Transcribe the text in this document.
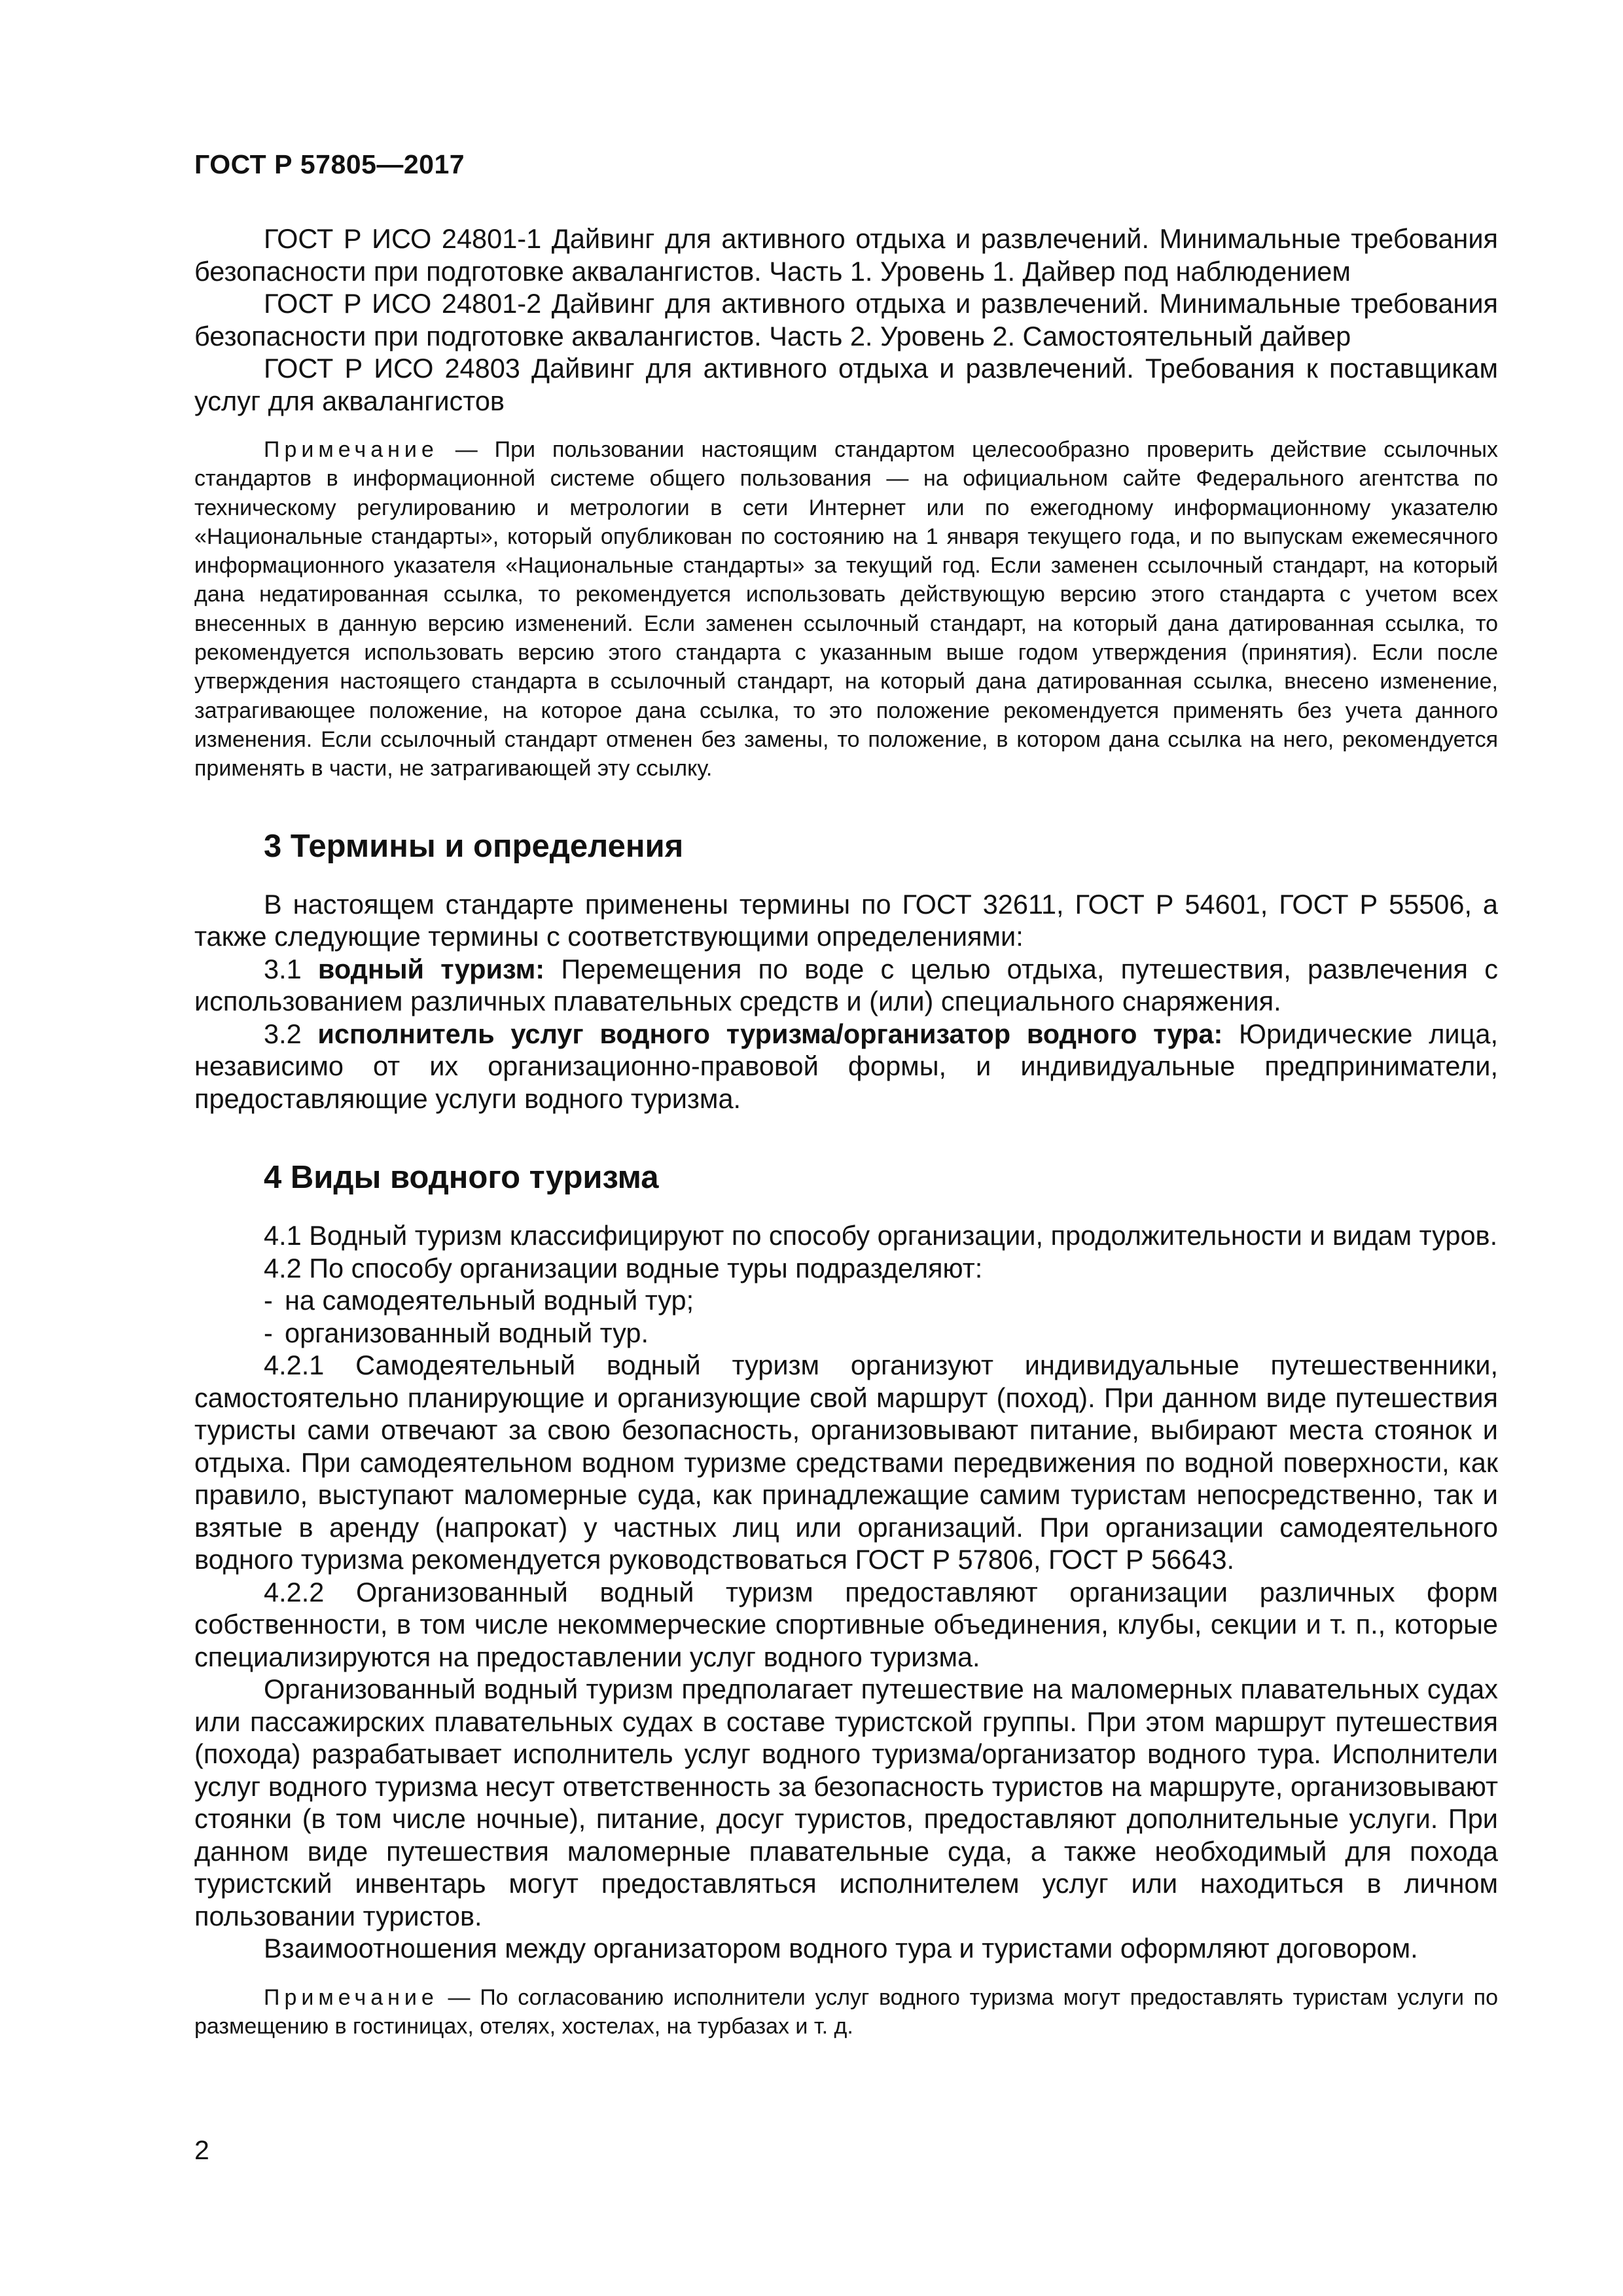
ГОСТ Р 57805—2017

ГОСТ Р ИСО 24801-1 Дайвинг для активного отдыха и развлечений. Минимальные требования безопасности при подготовке аквалангистов. Часть 1. Уровень 1. Дайвер под наблюдением

ГОСТ Р ИСО 24801-2 Дайвинг для активного отдыха и развлечений. Минимальные требования безопасности при подготовке аквалангистов. Часть 2. Уровень 2. Самостоятельный дайвер

ГОСТ Р ИСО 24803 Дайвинг для активного отдыха и развлечений. Требования к поставщикам услуг для аквалангистов

Примечание — При пользовании настоящим стандартом целесообразно проверить действие ссылочных стандартов в информационной системе общего пользования — на официальном сайте Федерального агентства по техническому регулированию и метрологии в сети Интернет или по ежегодному информационному указателю «Национальные стандарты», который опубликован по состоянию на 1 января текущего года, и по выпускам ежемесячного информационного указателя «Национальные стандарты» за текущий год. Если заменен ссылочный стандарт, на который дана недатированная ссылка, то рекомендуется использовать действующую версию этого стандарта с учетом всех внесенных в данную версию изменений. Если заменен ссылочный стандарт, на который дана датированная ссылка, то рекомендуется использовать версию этого стандарта с указанным выше годом утверждения (принятия). Если после утверждения настоящего стандарта в ссылочный стандарт, на который дана датированная ссылка, внесено изменение, затрагивающее положение, на которое дана ссылка, то это положение рекомендуется применять без учета данного изменения. Если ссылочный стандарт отменен без замены, то положение, в котором дана ссылка на него, рекомендуется применять в части, не затрагивающей эту ссылку.

3 Термины и определения

В настоящем стандарте применены термины по ГОСТ 32611, ГОСТ Р 54601, ГОСТ Р 55506, а также следующие термины с соответствующими определениями:

3.1 водный туризм: Перемещения по воде с целью отдыха, путешествия, развлечения с использованием различных плавательных средств и (или) специального снаряжения.

3.2 исполнитель услуг водного туризма/организатор водного тура: Юридические лица, независимо от их организационно-правовой формы, и индивидуальные предприниматели, предоставляющие услуги водного туризма.

4 Виды водного туризма

4.1 Водный туризм классифицируют по способу организации, продолжительности и видам туров.

4.2 По способу организации водные туры подразделяют:

- на самодеятельный водный тур;

- организованный водный тур.

4.2.1 Самодеятельный водный туризм организуют индивидуальные путешественники, самостоятельно планирующие и организующие свой маршрут (поход). При данном виде путешествия туристы сами отвечают за свою безопасность, организовывают питание, выбирают места стоянок и отдыха. При самодеятельном водном туризме средствами передвижения по водной поверхности, как правило, выступают маломерные суда, как принадлежащие самим туристам непосредственно, так и взятые в аренду (напрокат) у частных лиц или организаций. При организации самодеятельного водного туризма рекомендуется руководствоваться ГОСТ Р 57806, ГОСТ Р 56643.

4.2.2 Организованный водный туризм предоставляют организации различных форм собственности, в том числе некоммерческие спортивные объединения, клубы, секции и т. п., которые специализируются на предоставлении услуг водного туризма.

Организованный водный туризм предполагает путешествие на маломерных плавательных судах или пассажирских плавательных судах в составе туристской группы. При этом маршрут путешествия (похода) разрабатывает исполнитель услуг водного туризма/организатор водного тура. Исполнители услуг водного туризма несут ответственность за безопасность туристов на маршруте, организовывают стоянки (в том числе ночные), питание, досуг туристов, предоставляют дополнительные услуги. При данном виде путешествия маломерные плавательные суда, а также необходимый для похода туристский инвентарь могут предоставляться исполнителем услуг или находиться в личном пользовании туристов.

Взаимоотношения между организатором водного тура и туристами оформляют договором.

Примечание — По согласованию исполнители услуг водного туризма могут предоставлять туристам услуги по размещению в гостиницах, отелях, хостелах, на турбазах и т. д.

2
